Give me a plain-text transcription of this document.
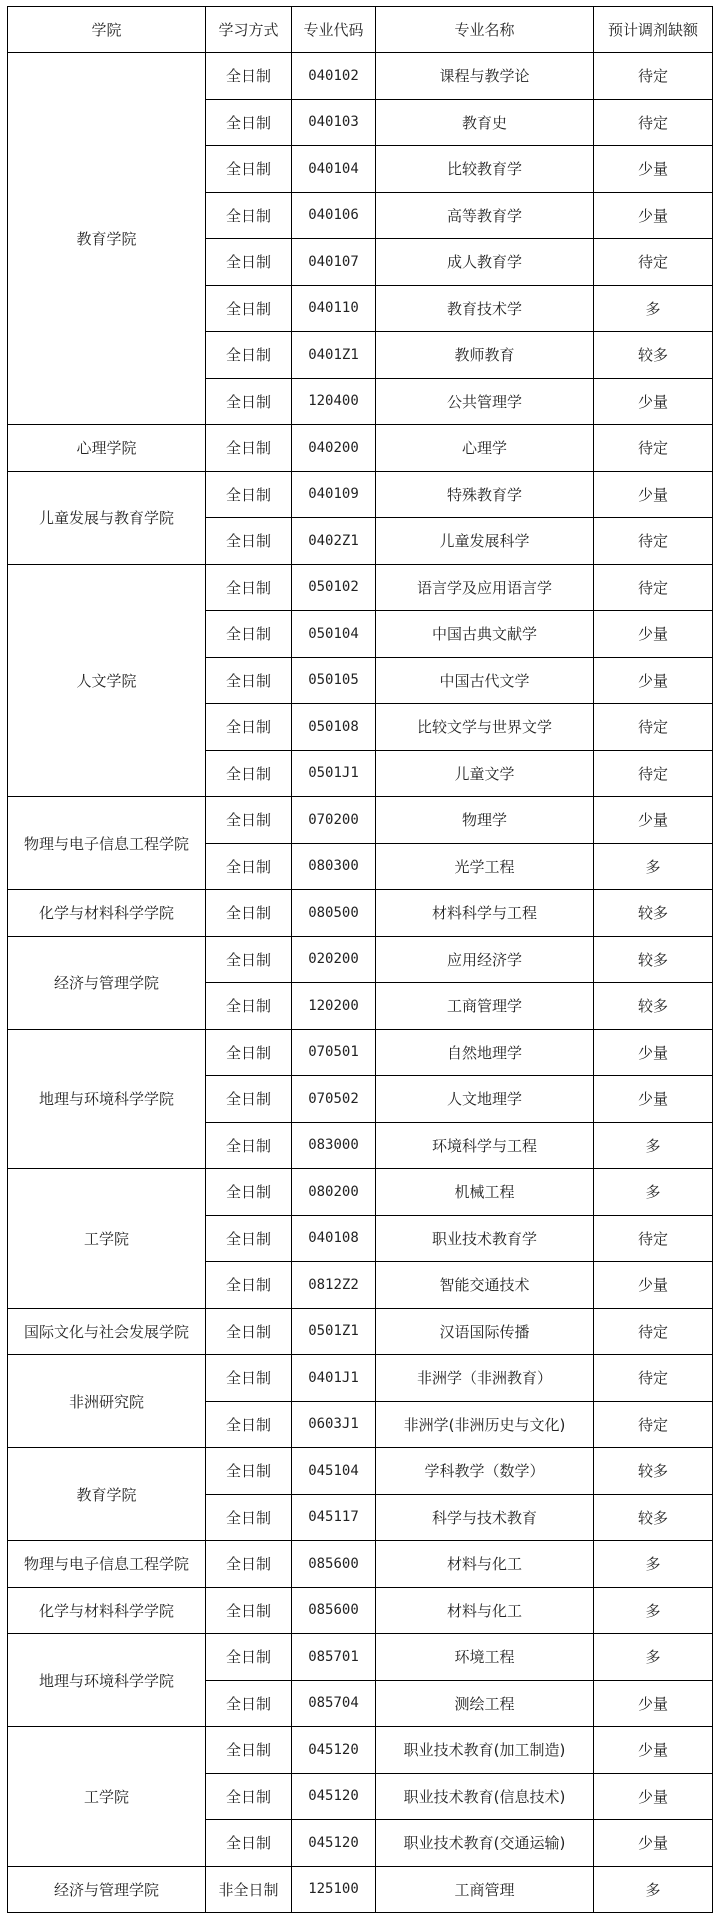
学院	学习方式	专业代码	专业名称	预计调剂缺额
教育学院	全日制	040102	课程与教学论	待定
	全日制	040103	教育史	待定
	全日制	040104	比较教育学	少量
	全日制	040106	高等教育学	少量
	全日制	040107	成人教育学	待定
	全日制	040110	教育技术学	多
	全日制	0401Z1	教师教育	较多
	全日制	120400	公共管理学	少量
心理学院	全日制	040200	心理学	待定
儿童发展与教育学院	全日制	040109	特殊教育学	少量
	全日制	0402Z1	儿童发展科学	待定
人文学院	全日制	050102	语言学及应用语言学	待定
	全日制	050104	中国古典文献学	少量
	全日制	050105	中国古代文学	少量
	全日制	050108	比较文学与世界文学	待定
	全日制	0501J1	儿童文学	待定
物理与电子信息工程学院	全日制	070200	物理学	少量
	全日制	080300	光学工程	多
化学与材料科学学院	全日制	080500	材料科学与工程	较多
经济与管理学院	全日制	020200	应用经济学	较多
	全日制	120200	工商管理学	较多
地理与环境科学学院	全日制	070501	自然地理学	少量
	全日制	070502	人文地理学	少量
	全日制	083000	环境科学与工程	多
工学院	全日制	080200	机械工程	多
	全日制	040108	职业技术教育学	待定
	全日制	0812Z2	智能交通技术	少量
国际文化与社会发展学院	全日制	0501Z1	汉语国际传播	待定
非洲研究院	全日制	0401J1	非洲学（非洲教育）	待定
	全日制	0603J1	非洲学(非洲历史与文化)	待定
教育学院	全日制	045104	学科教学（数学）	较多
	全日制	045117	科学与技术教育	较多
物理与电子信息工程学院	全日制	085600	材料与化工	多
化学与材料科学学院	全日制	085600	材料与化工	多
地理与环境科学学院	全日制	085701	环境工程	多
	全日制	085704	测绘工程	少量
工学院	全日制	045120	职业技术教育(加工制造)	少量
	全日制	045120	职业技术教育(信息技术)	少量
	全日制	045120	职业技术教育(交通运输)	少量
经济与管理学院	非全日制	125100	工商管理	多
